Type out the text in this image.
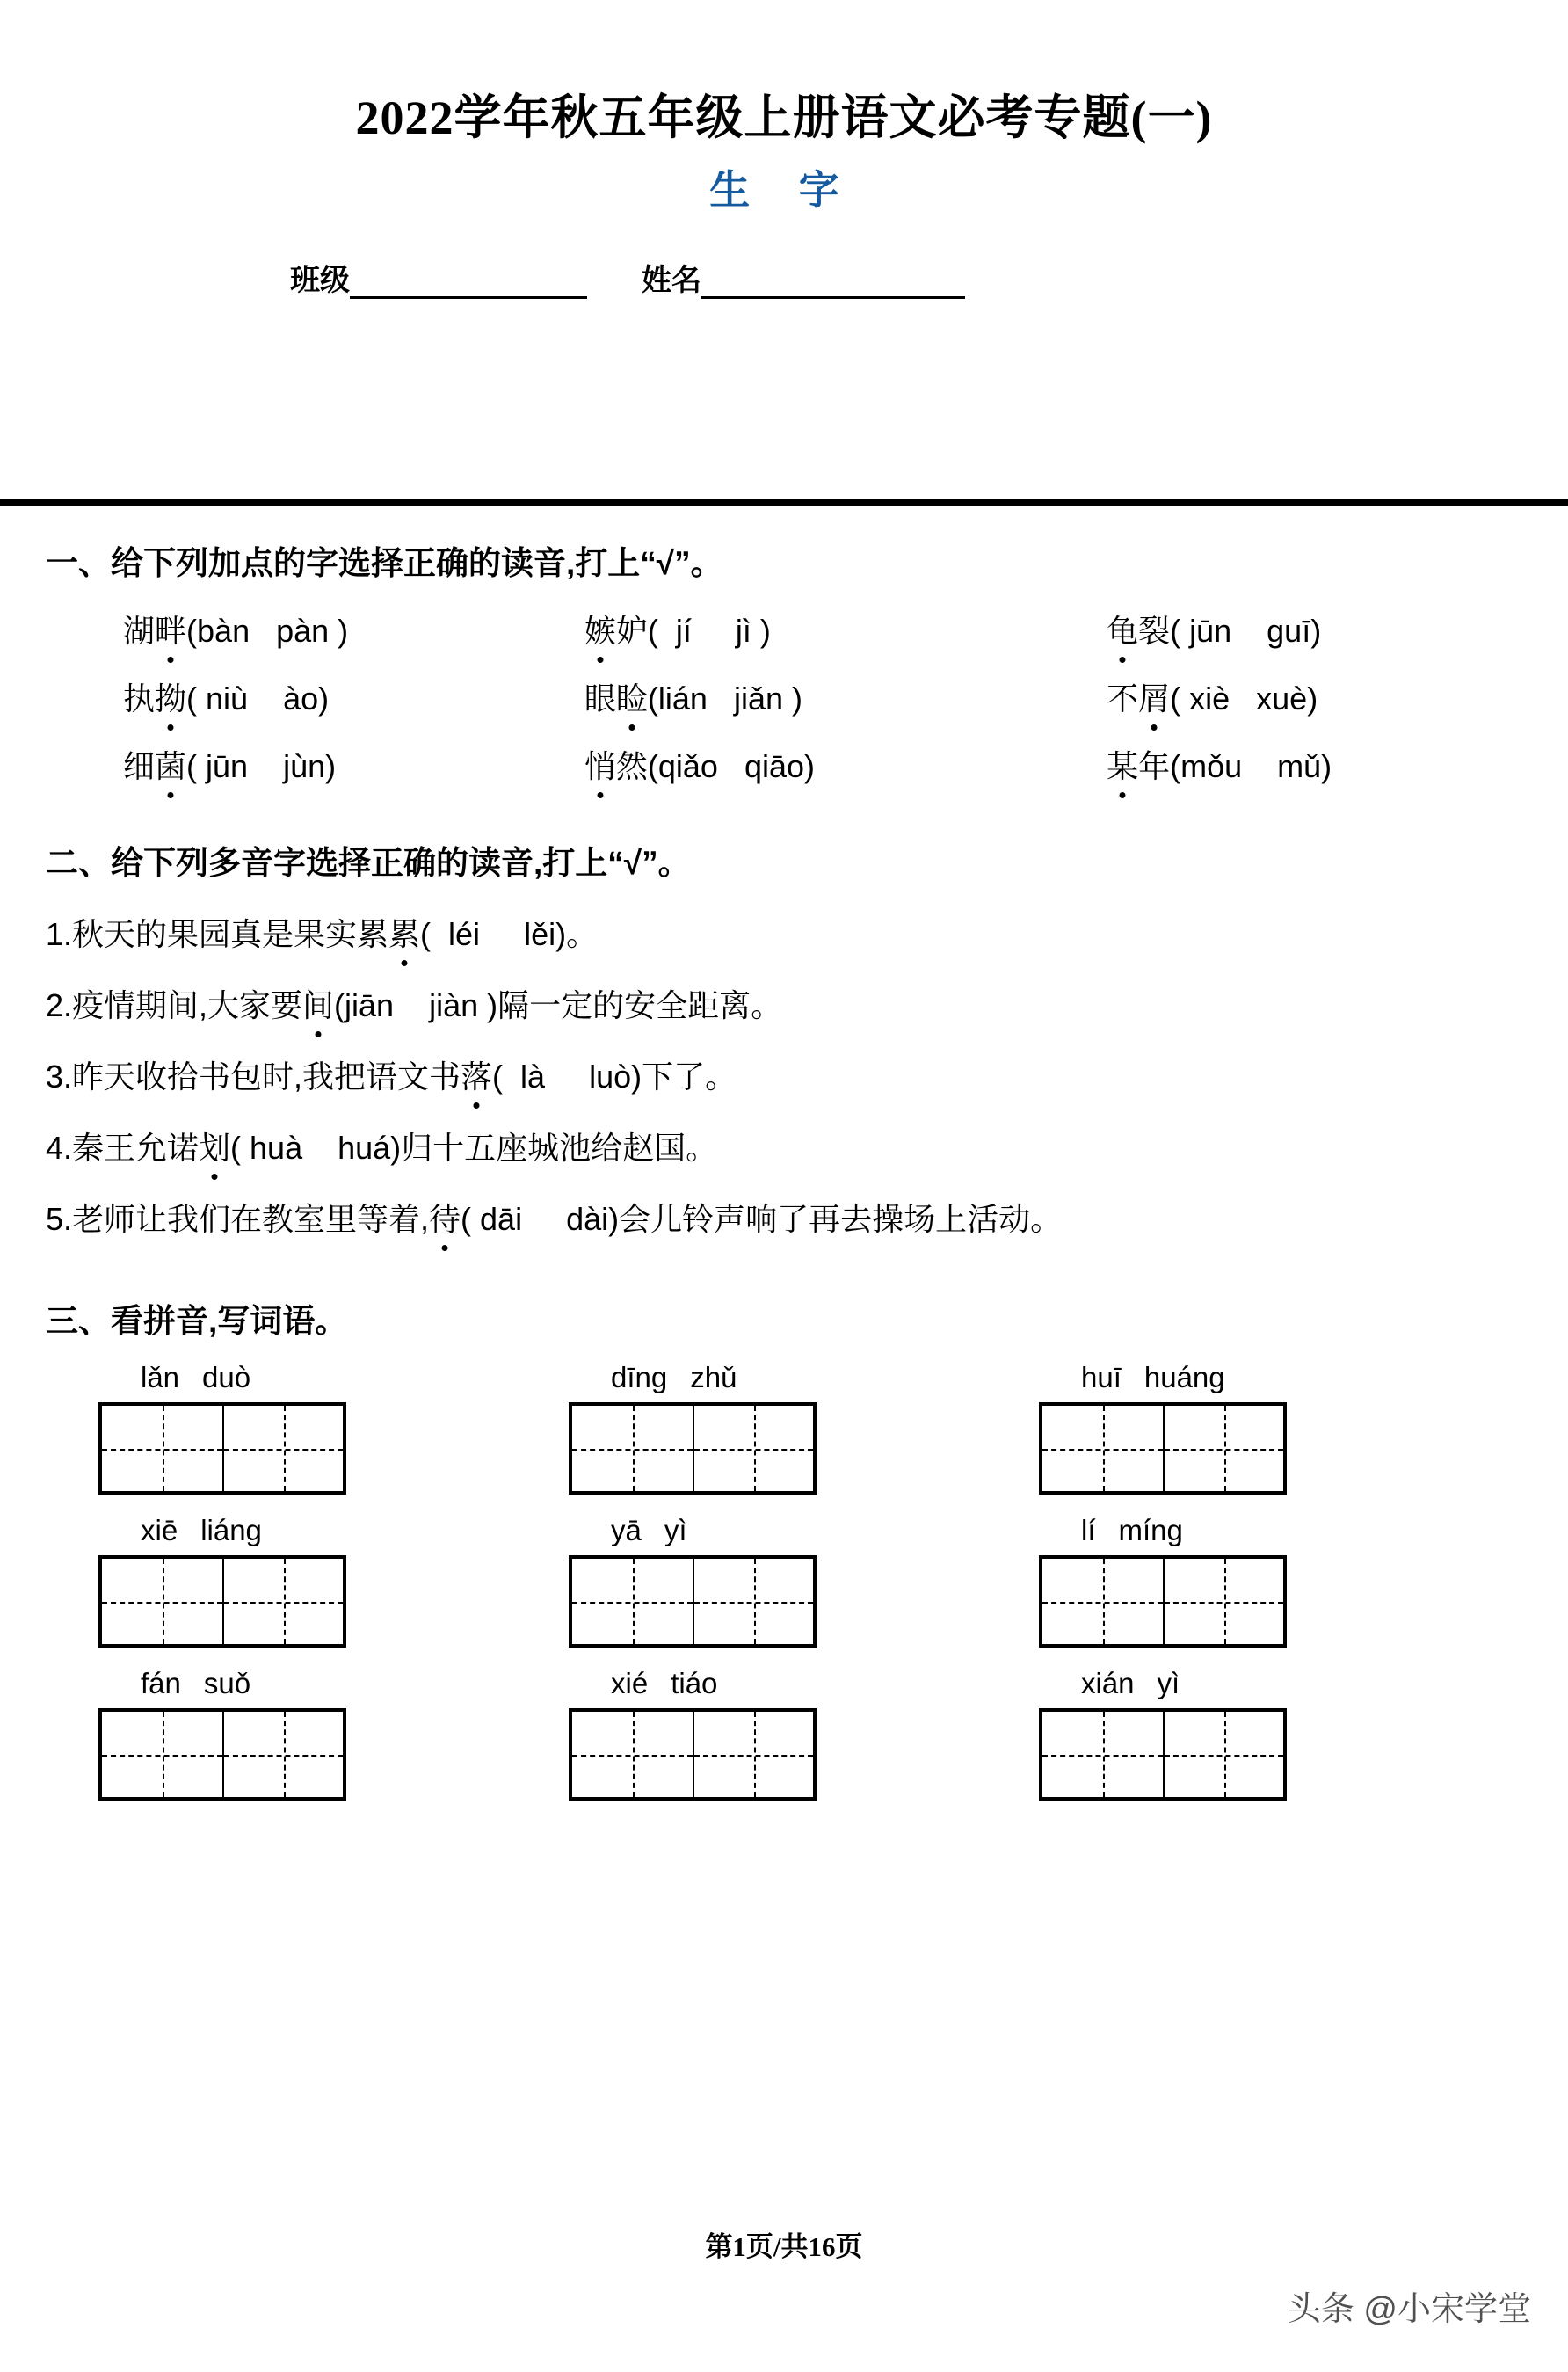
2022学年秋五年级上册语文必考专题(一)
生 字
班级	姓名
一、给下列加点的字选择正确的读音,打上“√”。
湖畔(bàn   pàn )	嫉妒(  jí     jì )	龟裂( jūn    guī)
执拗( niù    ào)	眼睑(lián   jiǎn )	不屑( xiè   xuè)
细菌( jūn    jùn)	悄然(qiǎo   qiāo)	某年(mǒu    mǔ)
二、给下列多音字选择正确的读音,打上“√”。
1.秋天的果园真是果实累累(  léi     lěi)。
2.疫情期间,大家要间(jiān    jiàn )隔一定的安全距离。
3.昨天收拾书包时,我把语文书落(  là     luò)下了。
4.秦王允诺划( huà    huá)归十五座城池给赵国。
5.老师让我们在教室里等着,待( dāi     dài)会儿铃声响了再去操场上活动。
三、看拼音,写词语。
lǎn duò	dīng zhǔ	huī huáng
xiē liáng	yā yì	lí míng
fán suǒ	xié tiáo	xián yì
第1页/共16页
头条 @小宋学堂
